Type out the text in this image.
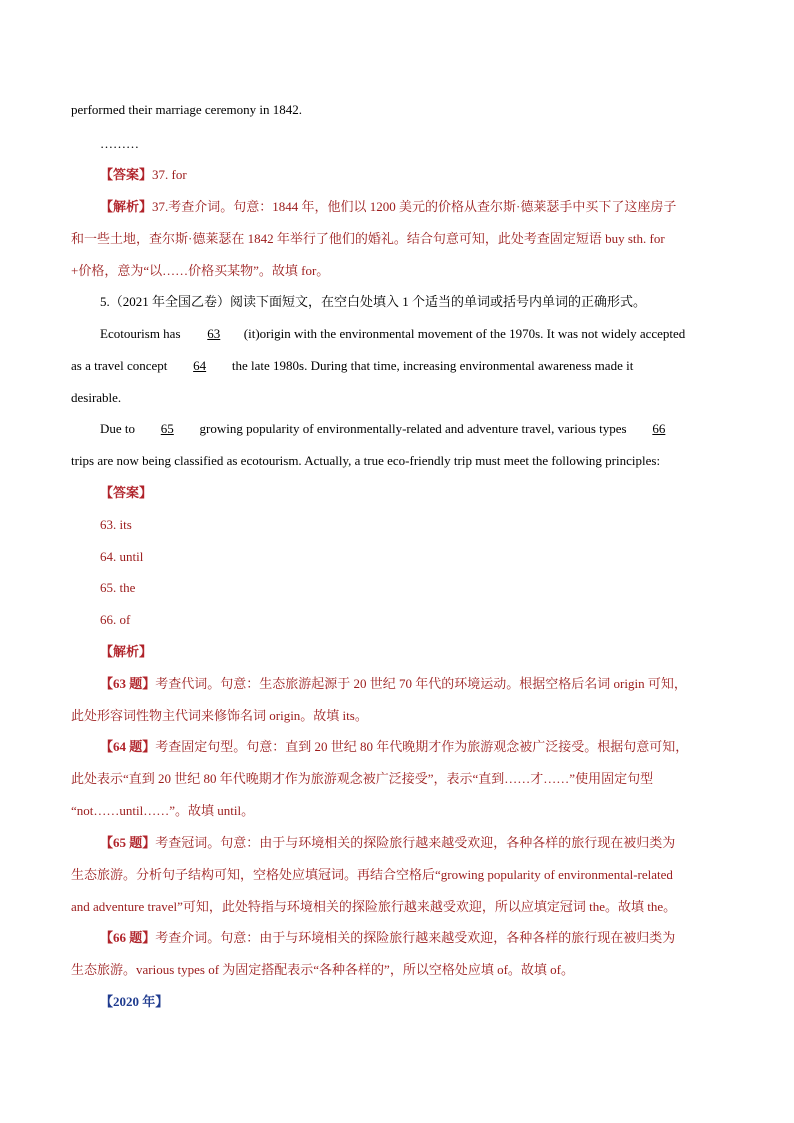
performed their marriage ceremony in 1842.
………
【答案】37. for
【解析】37.考查介词。句意：1844 年，他们以 1200 美元的价格从查尔斯·德莱瑟手中买下了这座房子
和一些土地，查尔斯·德莱瑟在 1842 年举行了他们的婚礼。结合句意可知，此处考查固定短语 buy sth. for
+价格，意为“以……价格买某物”。故填 for。
5.（2021 年全国乙卷）阅读下面短文，在空白处填入 1 个适当的单词或括号内单词的正确形式。
Ecotourism has 63 (it)origin with the environmental movement of the 1970s. It was not widely accepted
as a travel concept 64 the late 1980s. During that time, increasing environmental awareness made it
desirable.
Due to 65 growing popularity of environmentally-related and adventure travel, various types 66
trips are now being classified as ecotourism. Actually, a true eco-friendly trip must meet the following principles:
【答案】
63. its
64. until
65. the
66. of
【解析】
【63 题】考查代词。句意：生态旅游起源于 20 世纪 70 年代的环境运动。根据空格后名词 origin 可知，
此处形容词性物主代词来修饰名词 origin。故填 its。
【64 题】考查固定句型。句意：直到 20 世纪 80 年代晚期才作为旅游观念被广泛接受。根据句意可知，
此处表示“直到 20 世纪 80 年代晚期才作为旅游观念被广泛接受”，表示“直到……才……”使用固定句型
“not……until……”。故填 until。
【65 题】考查冠词。句意：由于与环境相关的探险旅行越来越受欢迎，各种各样的旅行现在被归类为
生态旅游。分析句子结构可知，空格处应填冠词。再结合空格后“growing popularity of environmental-related
and adventure travel”可知，此处特指与环境相关的探险旅行越来越受欢迎，所以应填定冠词 the。故填 the。
【66 题】考查介词。句意：由于与环境相关的探险旅行越来越受欢迎，各种各样的旅行现在被归类为
生态旅游。various types of 为固定搭配表示“各种各样的”，所以空格处应填 of。故填 of。
【2020 年】
